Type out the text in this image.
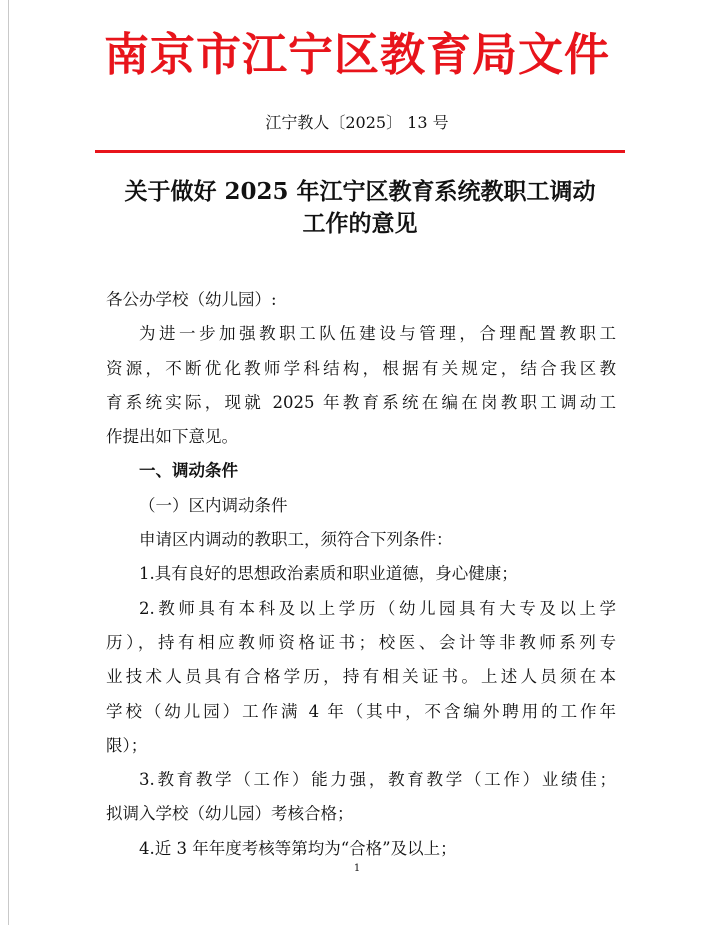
南京市江宁区教育局文件
江宁教人〔2025〕 13 号
关于做好 2025 年江宁区教育系统教职工调动
工作的意见
各公办学校（幼儿园）:
为进一步加强教职工队伍建设与管理，合理配置教职工
资源，不断优化教师学科结构，根据有关规定，结合我区教
育系统实际，现就 2025 年教育系统在编在岗教职工调动工
作提出如下意见。
一、调动条件
（一）区内调动条件
申请区内调动的教职工，须符合下列条件：
1.具有良好的思想政治素质和职业道德，身心健康；
2.教师具有本科及以上学历（幼儿园具有大专及以上学
历），持有相应教师资格证书；校医、会计等非教师系列专
业技术人员具有合格学历，持有相关证书。上述人员须在本
学校（幼儿园）工作满 4 年（其中，不含编外聘用的工作年
限）；
3.教育教学（工作）能力强，教育教学（工作）业绩佳；
拟调入学校（幼儿园）考核合格；
4.近 3 年年度考核等第均为“合格”及以上；
1
